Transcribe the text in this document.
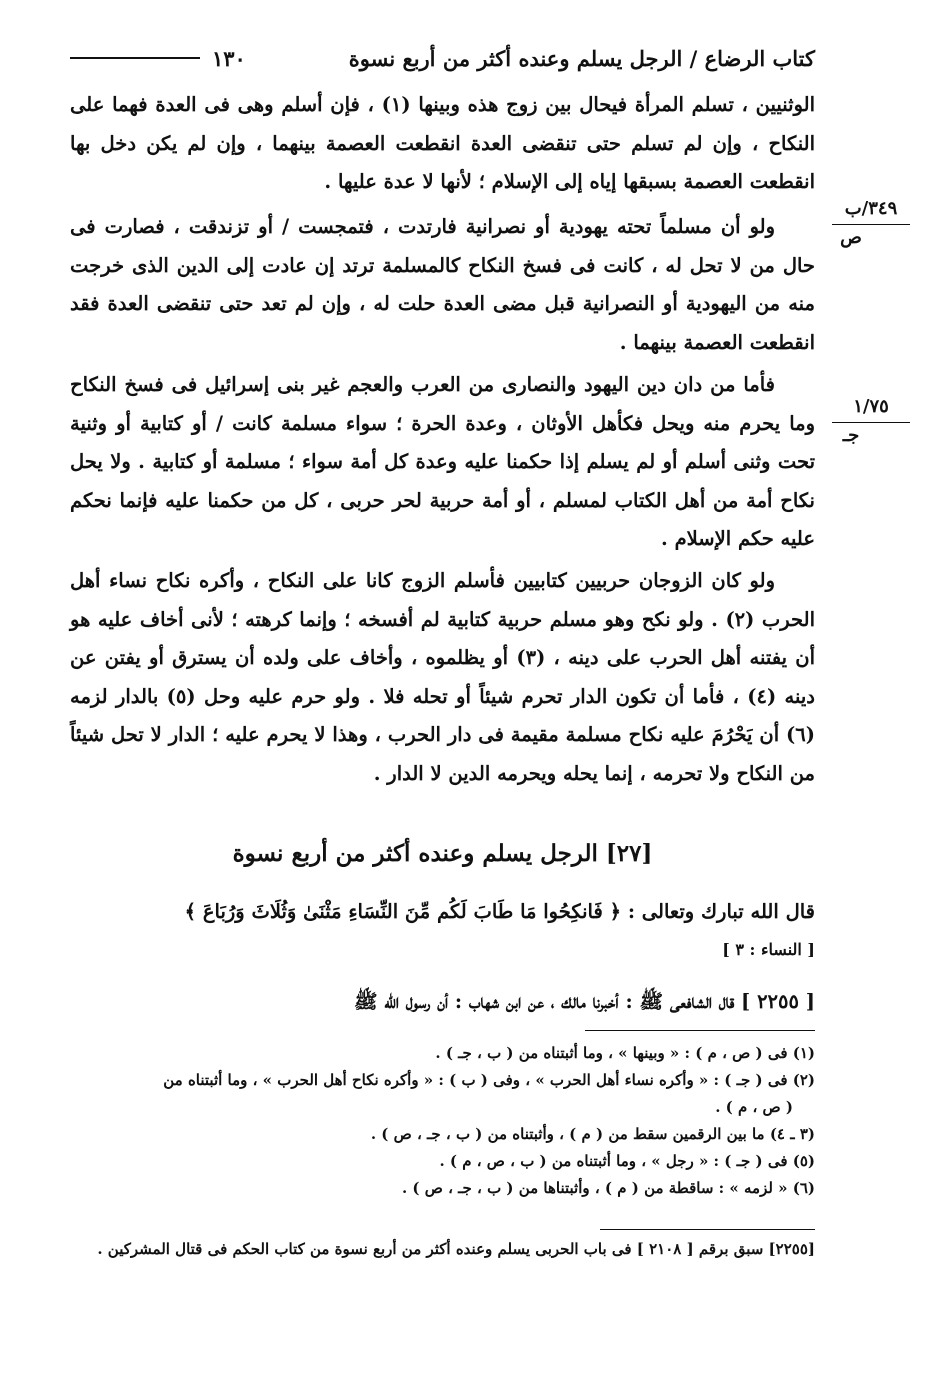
١٣٠	كتاب الرضاع / الرجل يسلم وعنده أكثر من أربع نسوة

الوثنيين ، تسلم المرأة فيحال بين زوج هذه وبينها (١) ، فإن أسلم وهى فى العدة فهما على النكاح ، وإن لم تسلم حتى تنقضى العدة انقطعت العصمة بينهما ، وإن لم يكن دخل بها انقطعت العصمة بسبقها إياه إلى الإسلام ؛ لأنها لا عدة عليها .

٣٤٩/ب
ص

ولو أن مسلماً تحته يهودية أو نصرانية فارتدت ، فتمجست / أو تزندقت ، فصارت فى حال من لا تحل له ، كانت فى فسخ النكاح كالمسلمة ترتد إن عادت إلى الدين الذى خرجت منه من اليهودية أو النصرانية قبل مضى العدة حلت له ، وإن لم تعد حتى تنقضى العدة فقد انقطعت العصمة بينهما .

١/٧٥
جـ

فأما من دان دين اليهود والنصارى من العرب والعجم غير بنى إسرائيل فى فسخ النكاح وما يحرم منه ويحل فكأهل الأوثان ، وعدة الحرة ؛ سواء مسلمة كانت / أو كتابية أو وثنية تحت وثنى أسلم أو لم يسلم إذا حكمنا عليه وعدة كل أمة سواء ؛ مسلمة أو كتابية . ولا يحل نكاح أمة من أهل الكتاب لمسلم ، أو أمة حربية لحر حربى ، كل من حكمنا عليه فإنما نحكم عليه حكم الإسلام .

ولو كان الزوجان حربيين كتابيين فأسلم الزوج كانا على النكاح ، وأكره نكاح نساء أهل الحرب (٢) . ولو نكح وهو مسلم حربية كتابية لم أفسخه ؛ وإنما كرهته ؛ لأنى أخاف عليه هو أن يفتنه أهل الحرب على دينه ، (٣) أو يظلموه ، وأخاف على ولده أن يسترق أو يفتن عن دينه (٤) ، فأما أن تكون الدار تحرم شيئاً أو تحله فلا . ولو حرم عليه وحل (٥) بالدار لزمه (٦) أن يَحْرُمَ عليه نكاح مسلمة مقيمة فى دار الحرب ، وهذا لا يحرم عليه ؛ الدار لا تحل شيئاً من النكاح ولا تحرمه ، إنما يحله ويحرمه الدين لا الدار .

[٢٧] الرجل يسلم وعنده أكثر من أربع نسوة
قال الله تبارك وتعالى : ﴿ فَانكِحُوا مَا طَابَ لَكُم مِّنَ النِّسَاءِ مَثْنَىٰ وَثُلَاثَ وَرُبَاعَ ﴾
[ النساء : ٣ ]
[ ٢٢٥٥ ] قال الشافعى ﷺ : أخبرنا مالك ، عن ابن شهاب : أن رسول الله ﷺ
(١) فى ( ص ، م ) : « وبينها » ، وما أثبتناه من ( ب ، جـ ) .
(٢) فى ( جـ ) : « وأكره نساء أهل الحرب » ، وفى ( ب ) : « وأكره نكاح أهل الحرب » ، وما أثبتناه من
( ص ، م ) .
(٣ ـ ٤) ما بين الرقمين سقط من ( م ) ، وأثبتناه من ( ب ، جـ ، ص ) .
(٥) فى ( جـ ) : « رجل » ، وما أثبتناه من ( ب ، ص ، م ) .
(٦) « لزمه » : ساقطة من ( م ) ، وأثبتناها من ( ب ، جـ ، ص ) .
[٢٢٥٥] سبق برقم [ ٢١٠٨ ] فى باب الحربى يسلم وعنده أكثر من أربع نسوة من كتاب الحكم فى قتال المشركين .
